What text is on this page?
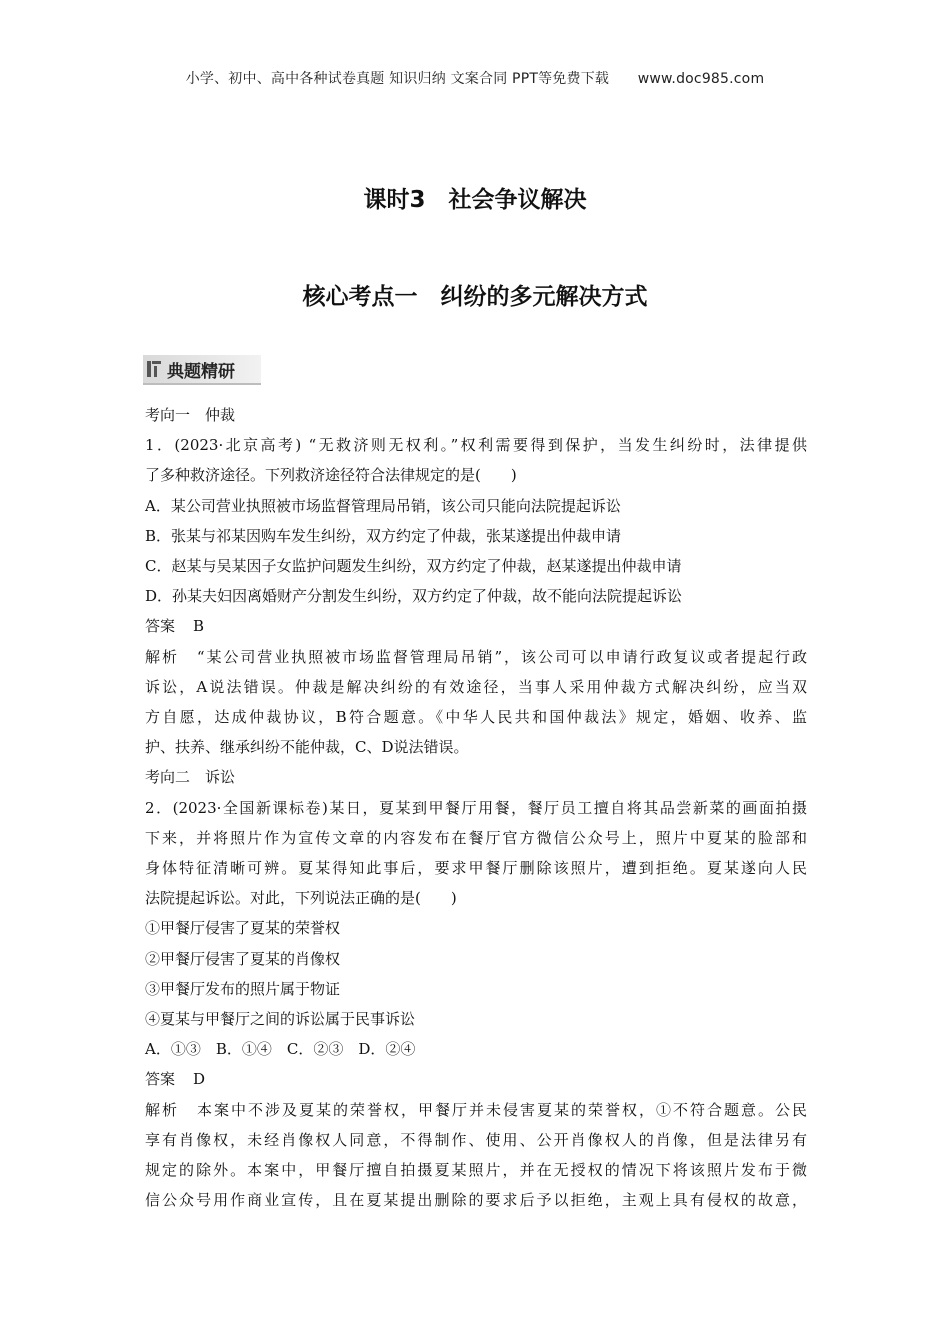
小学、初中、高中各种试卷真题 知识归纳 文案合同 PPT等免费下载 www.doc985.com
课时3　社会争议解决
核心考点一　纠纷的多元解决方式
典题精研
考向一　仲裁
1．(2023·北京高考) “无救济则无权利。”权利需要得到保护，当发生纠纷时，法律提供
了多种救济途径。下列救济途径符合法律规定的是(　　)
A．某公司营业执照被市场监督管理局吊销，该公司只能向法院提起诉讼
B．张某与祁某因购车发生纠纷，双方约定了仲裁，张某遂提出仲裁申请
C．赵某与吴某因子女监护问题发生纠纷，双方约定了仲裁，赵某遂提出仲裁申请
D．孙某夫妇因离婚财产分割发生纠纷，双方约定了仲裁，故不能向法院提起诉讼
答案 B
解析 “某公司营业执照被市场监督管理局吊销”，该公司可以申请行政复议或者提起行政
诉讼，A说法错误。仲裁是解决纠纷的有效途径，当事人采用仲裁方式解决纠纷，应当双
方自愿，达成仲裁协议，B符合题意。《中华人民共和国仲裁法》规定，婚姻、收养、监
护、扶养、继承纠纷不能仲裁，C、D说法错误。
考向二　诉讼
2．(2023·全国新课标卷)某日，夏某到甲餐厅用餐，餐厅员工擅自将其品尝新菜的画面拍摄
下来，并将照片作为宣传文章的内容发布在餐厅官方微信公众号上，照片中夏某的脸部和
身体特征清晰可辨。夏某得知此事后，要求甲餐厅删除该照片，遭到拒绝。夏某遂向人民
法院提起诉讼。对此，下列说法正确的是(　　)
①甲餐厅侵害了夏某的荣誉权
②甲餐厅侵害了夏某的肖像权
③甲餐厅发布的照片属于物证
④夏某与甲餐厅之间的诉讼属于民事诉讼
A．①③　B．①④　C．②③　D．②④
答案 D
解析 本案中不涉及夏某的荣誉权，甲餐厅并未侵害夏某的荣誉权，①不符合题意。公民
享有肖像权，未经肖像权人同意，不得制作、使用、公开肖像权人的肖像，但是法律另有
规定的除外。本案中，甲餐厅擅自拍摄夏某照片，并在无授权的情况下将该照片发布于微
信公众号用作商业宣传，且在夏某提出删除的要求后予以拒绝，主观上具有侵权的故意，
